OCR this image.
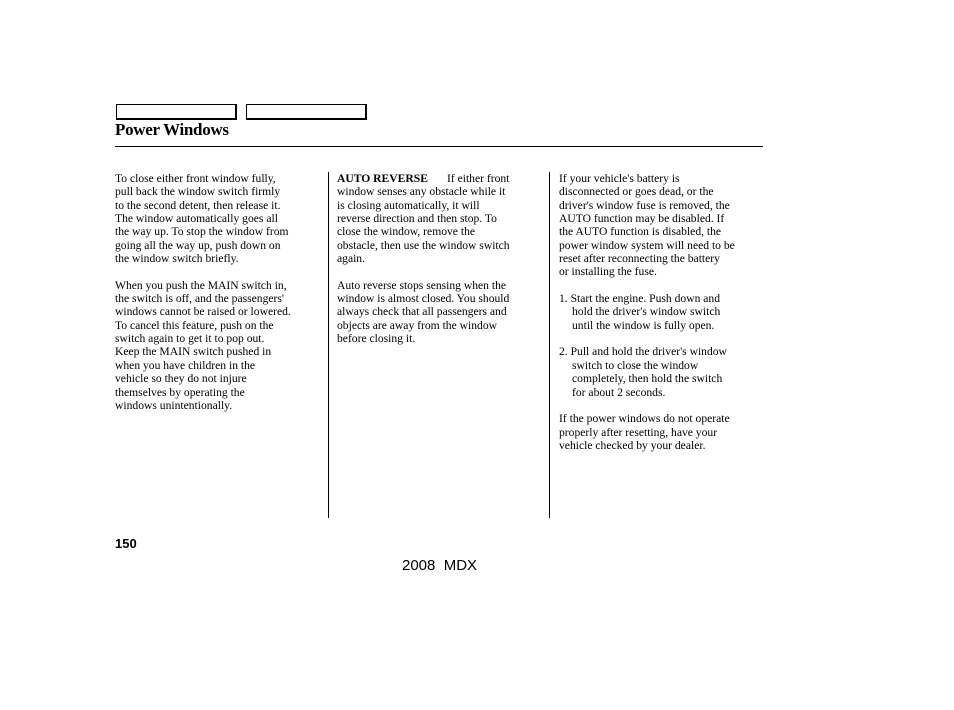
Power Windows

To close either front window fully,
pull back the window switch firmly
to the second detent, then release it.
The window automatically goes all
the way up. To stop the window from
going all the way up, push down on
the window switch briefly.

When you push the MAIN switch in,
the switch is off, and the passengers'
windows cannot be raised or lowered.
To cancel this feature, push on the
switch again to get it to pop out.
Keep the MAIN switch pushed in
when you have children in the
vehicle so they do not injure
themselves by operating the
windows unintentionally.

AUTO REVERSE If either front
window senses any obstacle while it
is closing automatically, it will
reverse direction and then stop. To
close the window, remove the
obstacle, then use the window switch
again.

Auto reverse stops sensing when the
window is almost closed. You should
always check that all passengers and
objects are away from the window
before closing it.

If your vehicle's battery is
disconnected or goes dead, or the
driver's window fuse is removed, the
AUTO function may be disabled. If
the AUTO function is disabled, the
power window system will need to be
reset after reconnecting the battery
or installing the fuse.

1. Start the engine. Push down and
hold the driver's window switch
until the window is fully open.

2. Pull and hold the driver's window
switch to close the window
completely, then hold the switch
for about 2 seconds.

If the power windows do not operate
properly after resetting, have your
vehicle checked by your dealer.

150
2008  MDX
